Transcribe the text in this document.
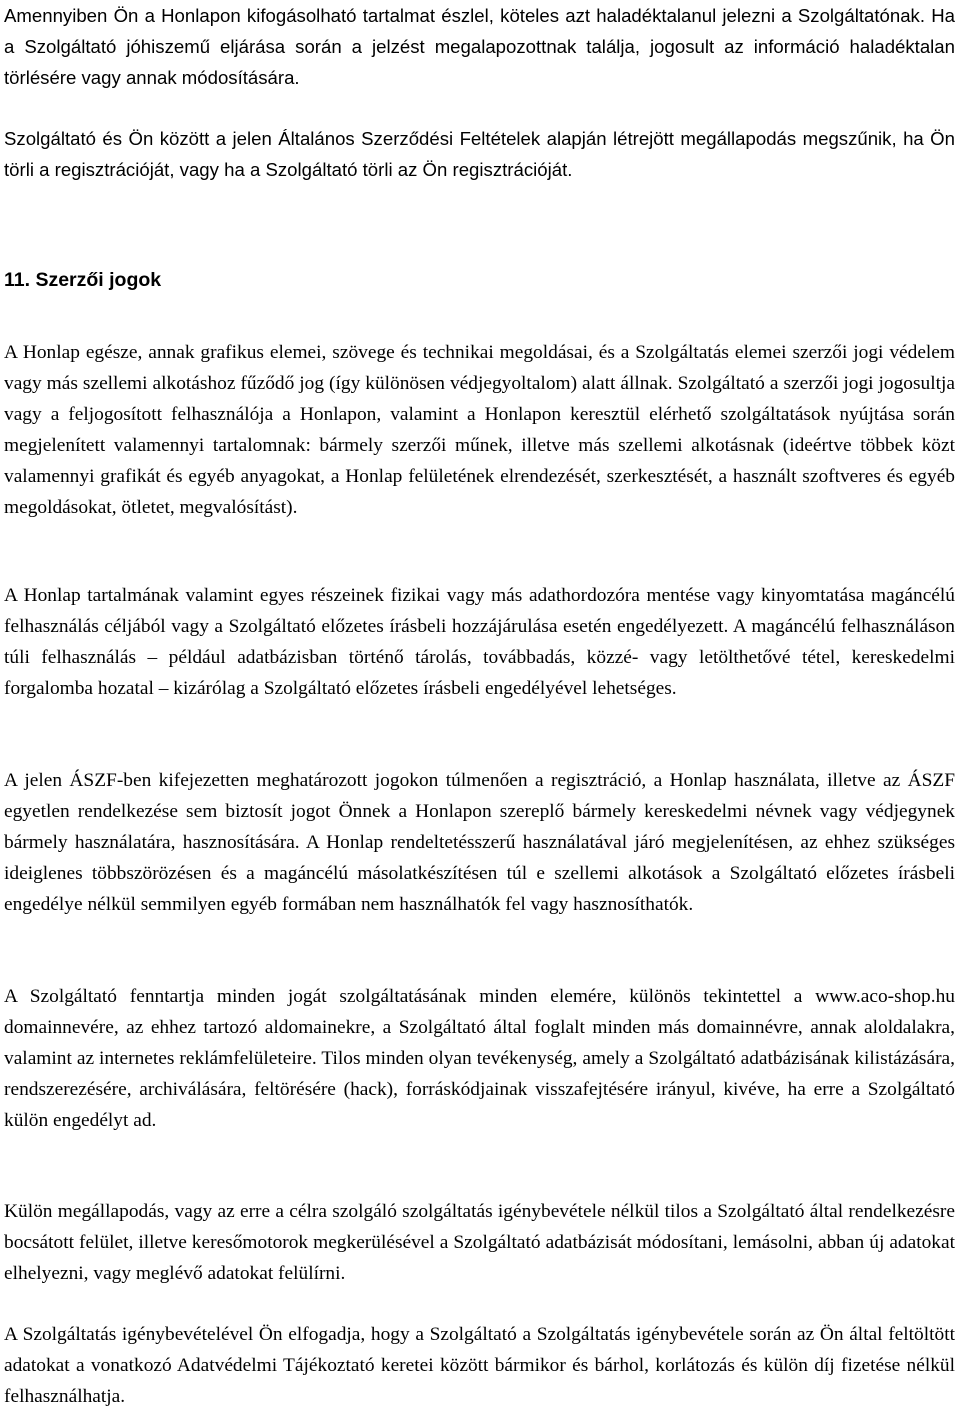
Amennyiben Ön a Honlapon kifogásolható tartalmat észlel, köteles azt haladéktalanul jelezni a Szolgáltatónak. Ha a Szolgáltató jóhiszemű eljárása során a jelzést megalapozottnak találja, jogosult az információ haladéktalan törlésére vagy annak módosítására.

Szolgáltató és Ön között a jelen Általános Szerződési Feltételek alapján létrejött megállapodás megszűnik, ha Ön törli a regisztrációját, vagy ha a Szolgáltató törli az Ön regisztrációját.

11. Szerzői jogok

A Honlap egésze, annak grafikus elemei, szövege és technikai megoldásai, és a Szolgáltatás elemei szerzői jogi védelem vagy más szellemi alkotáshoz fűződő jog (így különösen védjegyoltalom) alatt állnak. Szolgáltató a szerzői jogi jogosultja vagy a feljogosított felhasználója a Honlapon, valamint a Honlapon keresztül elérhető szolgáltatások nyújtása során megjelenített valamennyi tartalomnak: bármely szerzői műnek, illetve más szellemi alkotásnak (ideértve többek közt valamennyi grafikát és egyéb anyagokat, a Honlap felületének elrendezését, szerkesztését, a használt szoftveres és egyéb megoldásokat, ötletet, megvalósítást).

A Honlap tartalmának valamint egyes részeinek fizikai vagy más adathordozóra mentése vagy kinyomtatása magáncélú felhasználás céljából vagy a Szolgáltató előzetes írásbeli hozzájárulása esetén engedélyezett. A magáncélú felhasználáson túli felhasználás – például adatbázisban történő tárolás, továbbadás, közzé- vagy letölthetővé tétel, kereskedelmi forgalomba hozatal – kizárólag a Szolgáltató előzetes írásbeli engedélyével lehetséges.

A jelen ÁSZF-ben kifejezetten meghatározott jogokon túlmenően a regisztráció, a Honlap használata, illetve az ÁSZF egyetlen rendelkezése sem biztosít jogot Önnek a Honlapon szereplő bármely kereskedelmi névnek vagy védjegynek bármely használatára, hasznosítására. A Honlap rendeltetésszerű használatával járó megjelenítésen, az ehhez szükséges ideiglenes többszörözésen és a magáncélú másolatkészítésen túl e szellemi alkotások a Szolgáltató előzetes írásbeli engedélye nélkül semmilyen egyéb formában nem használhatók fel vagy hasznosíthatók.

A Szolgáltató fenntartja minden jogát szolgáltatásának minden elemére, különös tekintettel a www.aco-shop.hu domainnevére, az ehhez tartozó aldomainekre, a Szolgáltató által foglalt minden más domainnévre, annak aloldalakra, valamint az internetes reklámfelületeire. Tilos minden olyan tevékenység, amely a Szolgáltató adatbázisának kilistázására, rendszerezésére, archiválására, feltörésére (hack), forráskódjainak visszafejtésére irányul, kivéve, ha erre a Szolgáltató külön engedélyt ad.

Külön megállapodás, vagy az erre a célra szolgáló szolgáltatás igénybevétele nélkül tilos a Szolgáltató által rendelkezésre bocsátott felület, illetve keresőmotorok megkerülésével a Szolgáltató adatbázisát módosítani, lemásolni, abban új adatokat elhelyezni, vagy meglévő adatokat felülírni.

A Szolgáltatás igénybevételével Ön elfogadja, hogy a Szolgáltató a Szolgáltatás igénybevétele során az Ön által feltöltött adatokat a vonatkozó Adatvédelmi Tájékoztató keretei között bármikor és bárhol, korlátozás és külön díj fizetése nélkül felhasználhatja.
